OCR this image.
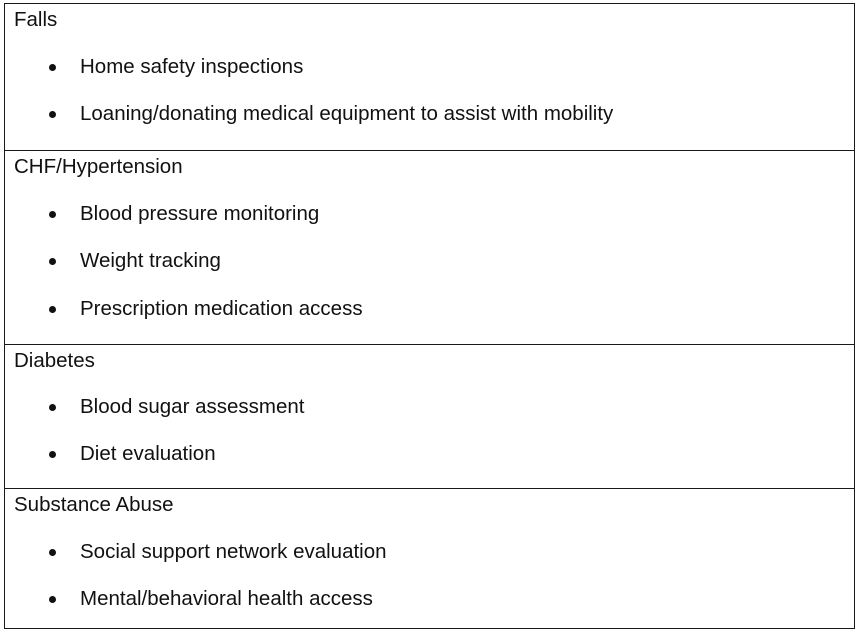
Falls
Home safety inspections
Loaning/donating medical equipment to assist with mobility
CHF/Hypertension
Blood pressure monitoring
Weight tracking
Prescription medication access
Diabetes
Blood sugar assessment
Diet evaluation
Substance Abuse
Social support network evaluation
Mental/behavioral health access
